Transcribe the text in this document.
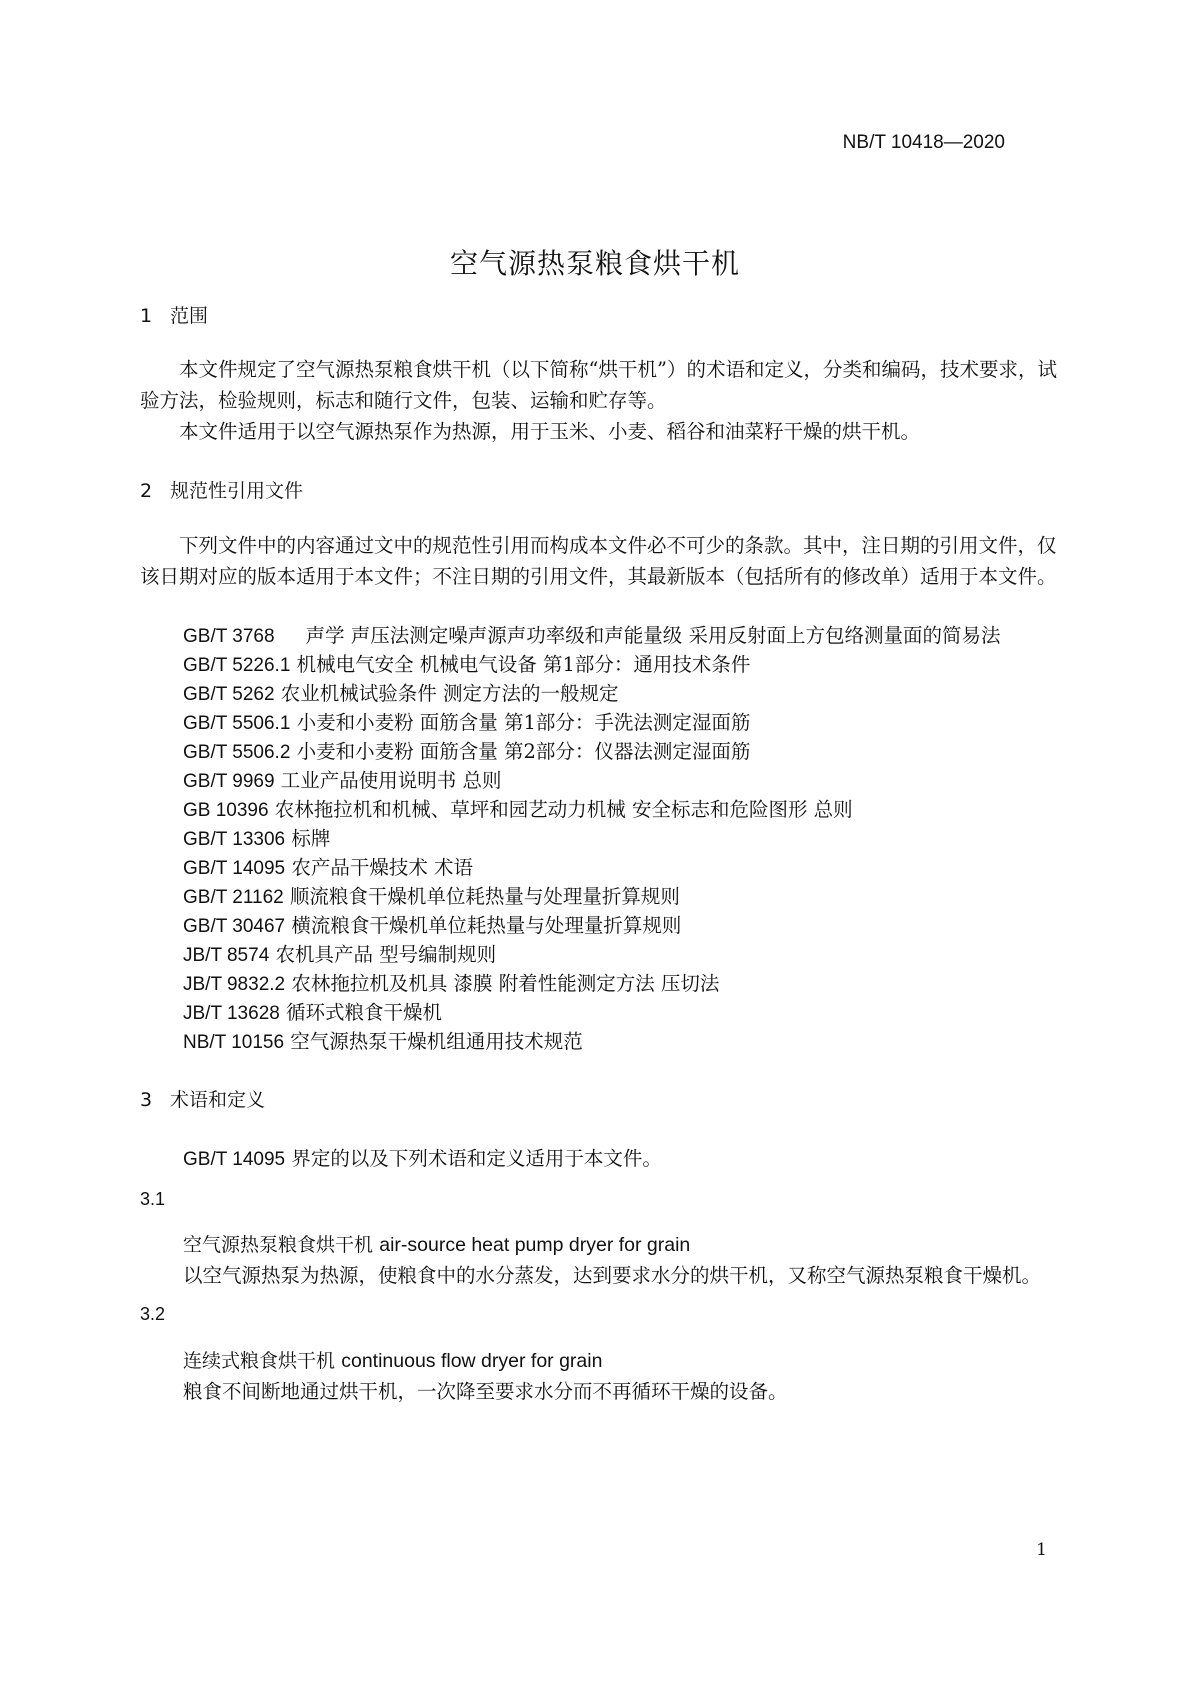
NB/T 10418—2020
空气源热泵粮食烘干机
1 范围
本文件规定了空气源热泵粮食烘干机（以下简称“烘干机”）的术语和定义，分类和编码，技术要求，试验方法，检验规则，标志和随行文件，包装、运输和贮存等。
本文件适用于以空气源热泵作为热源，用于玉米、小麦、稻谷和油菜籽干燥的烘干机。
2 规范性引用文件
下列文件中的内容通过文中的规范性引用而构成本文件必不可少的条款。其中，注日期的引用文件，仅该日期对应的版本适用于本文件；不注日期的引用文件，其最新版本（包括所有的修改单）适用于本文件。
GB/T 3768 声学 声压法测定噪声源声功率级和声能量级 采用反射面上方包络测量面的简易法
GB/T 5226.1 机械电气安全 机械电气设备 第1部分：通用技术条件
GB/T 5262 农业机械试验条件 测定方法的一般规定
GB/T 5506.1 小麦和小麦粉 面筋含量 第1部分：手洗法测定湿面筋
GB/T 5506.2 小麦和小麦粉 面筋含量 第2部分：仪器法测定湿面筋
GB/T 9969 工业产品使用说明书 总则
GB 10396 农林拖拉机和机械、草坪和园艺动力机械 安全标志和危险图形 总则
GB/T 13306 标牌
GB/T 14095 农产品干燥技术 术语
GB/T 21162 顺流粮食干燥机单位耗热量与处理量折算规则
GB/T 30467 横流粮食干燥机单位耗热量与处理量折算规则
JB/T 8574 农机具产品 型号编制规则
JB/T 9832.2 农林拖拉机及机具 漆膜 附着性能测定方法 压切法
JB/T 13628 循环式粮食干燥机
NB/T 10156 空气源热泵干燥机组通用技术规范
3 术语和定义
GB/T 14095 界定的以及下列术语和定义适用于本文件。
3.1
空气源热泵粮食烘干机 air-source heat pump dryer for grain
以空气源热泵为热源，使粮食中的水分蒸发，达到要求水分的烘干机，又称空气源热泵粮食干燥机。
3.2
连续式粮食烘干机 continuous flow dryer for grain
粮食不间断地通过烘干机，一次降至要求水分而不再循环干燥的设备。
1
